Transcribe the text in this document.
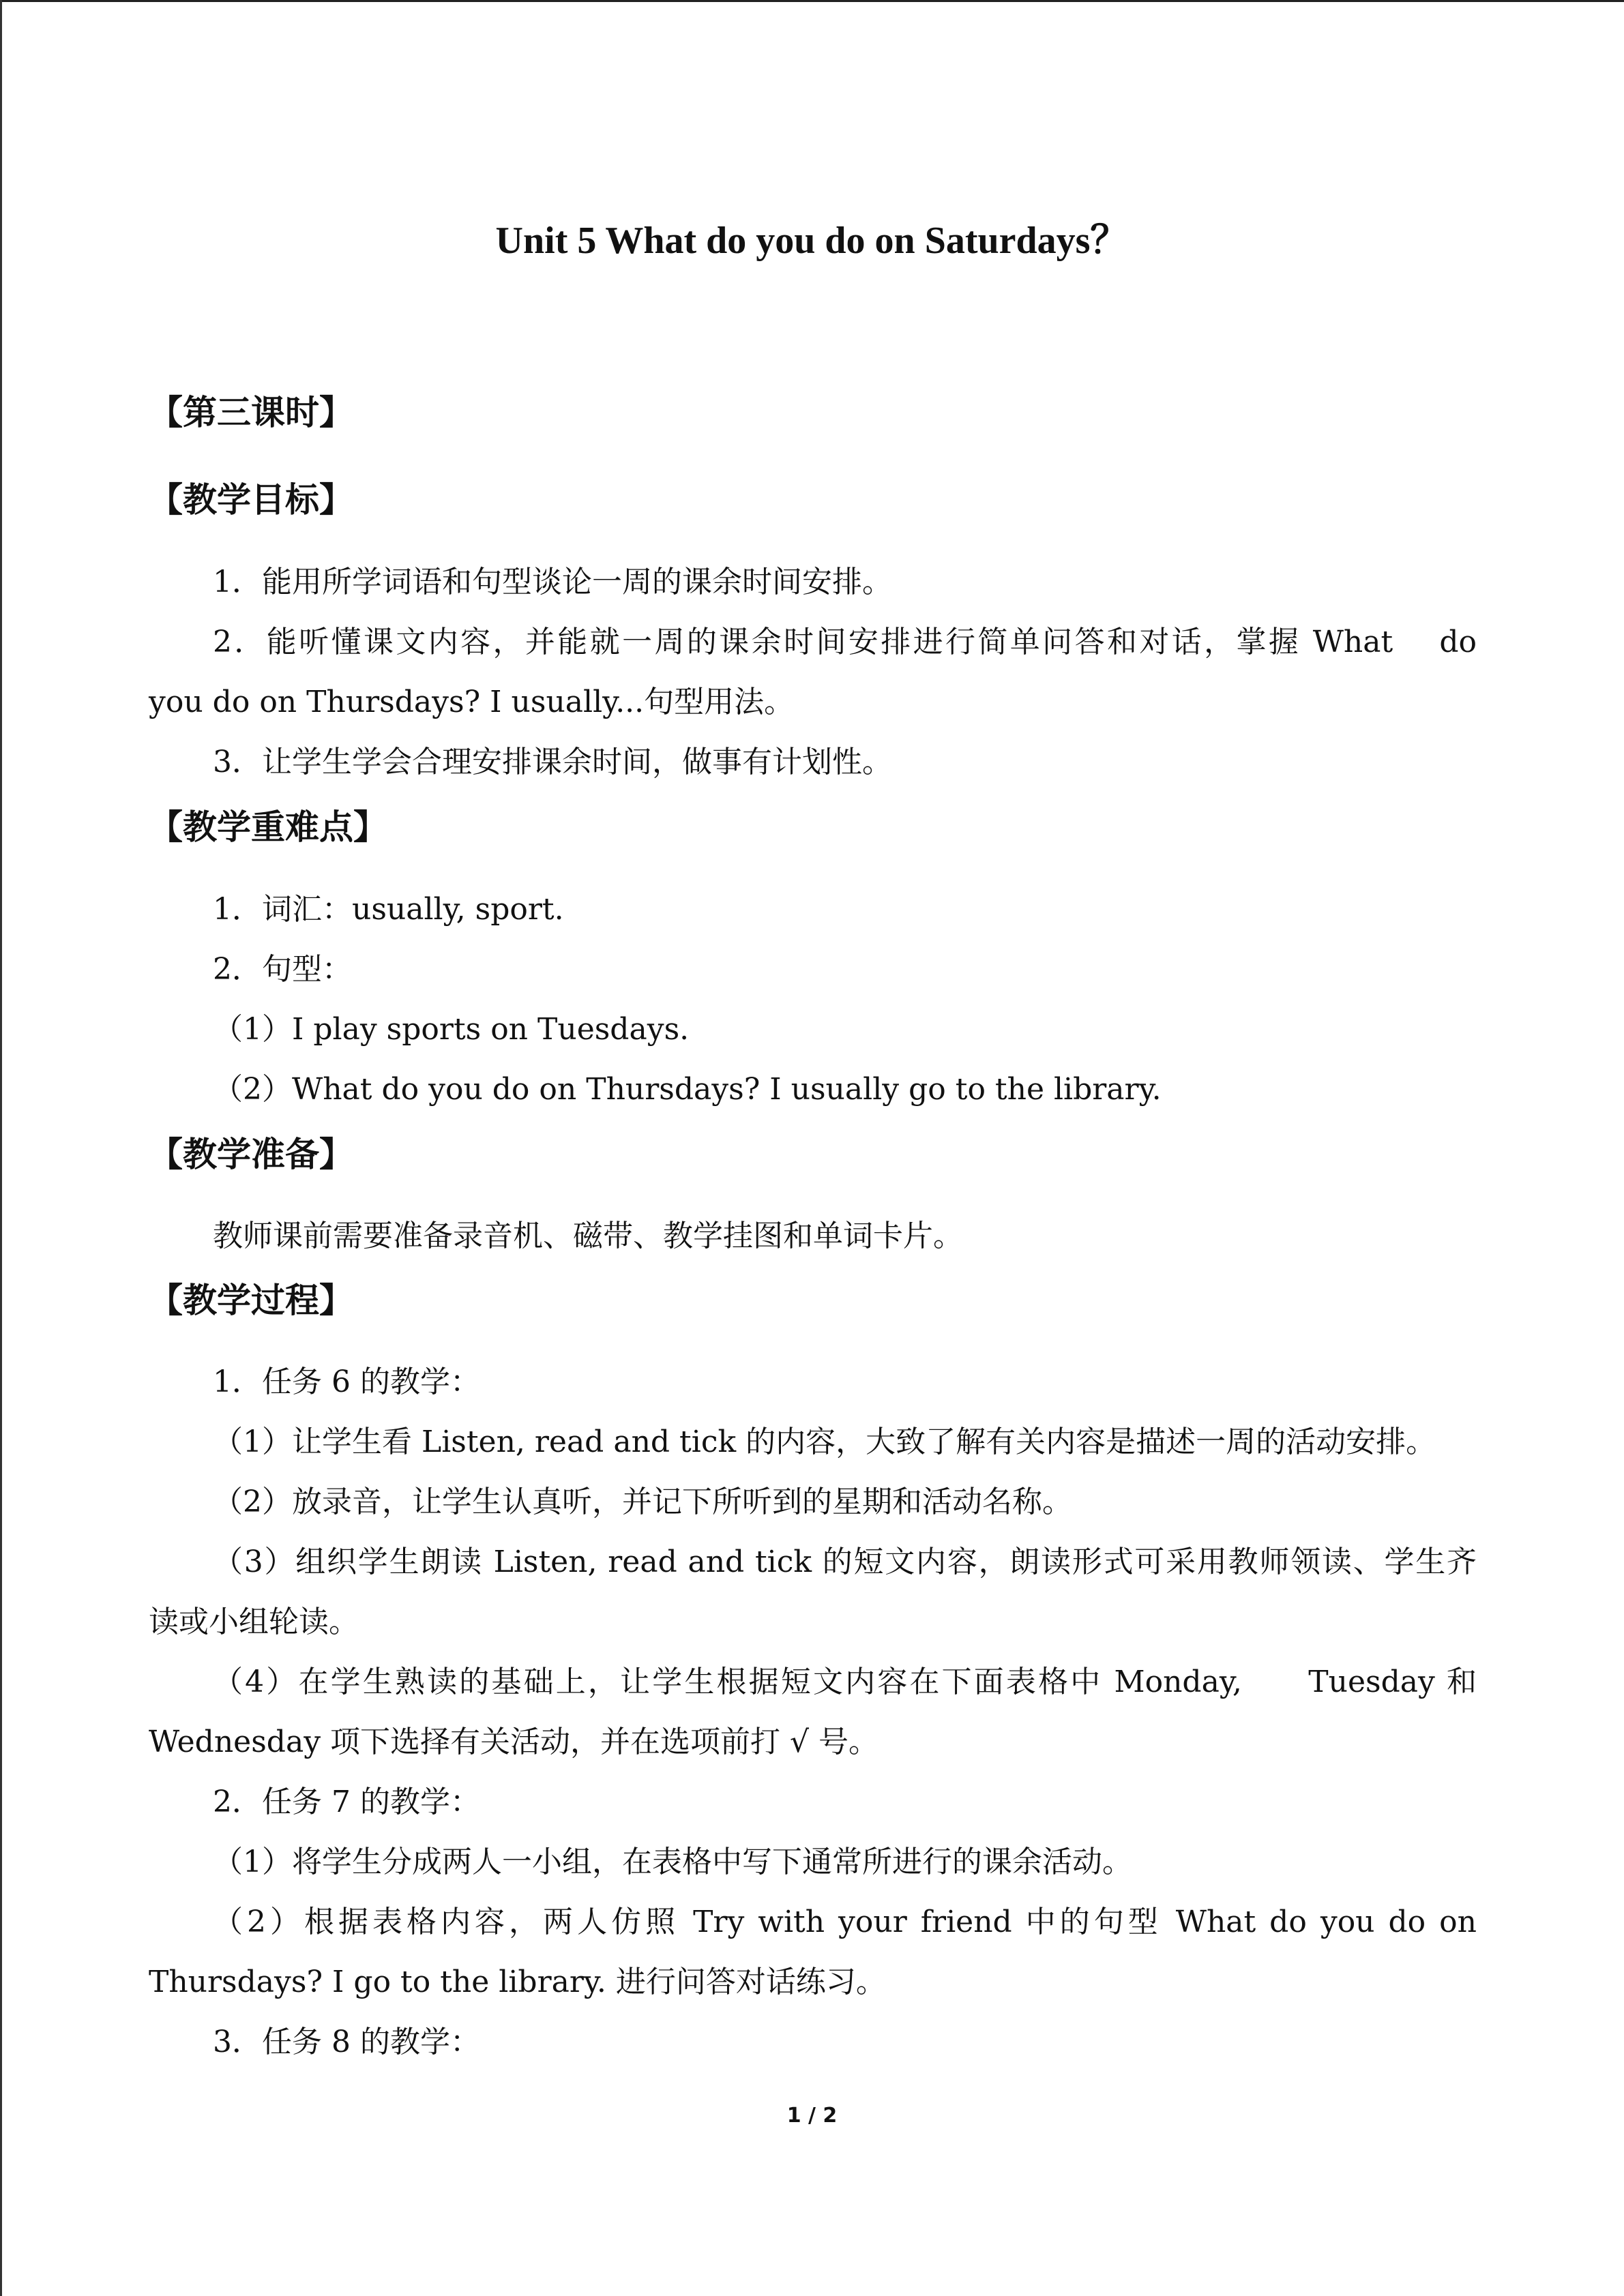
Unit 5 What do you do on Saturdays？
【第三课时】
【教学目标】

1．能用所学词语和句型谈论一周的课余时间安排。

2．能听懂课文内容，并能就一周的课余时间安排进行简单问答和对话，掌握 What　 do

you do on Thursdays? I usually...句型用法。

3．让学生学会合理安排课余时间，做事有计划性。

【教学重难点】

1．词汇：usually, sport.

2．句型：

（1）I play sports on Tuesdays.

（2）What do you do on Thursdays? I usually go to the library.

【教学准备】

教师课前需要准备录音机、磁带、教学挂图和单词卡片。

【教学过程】

1．任务 6 的教学：

（1）让学生看 Listen, read and tick 的内容，大致了解有关内容是描述一周的活动安排。

（2）放录音，让学生认真听，并记下所听到的星期和活动名称。

（3）组织学生朗读 Listen, read and tick 的短文内容，朗读形式可采用教师领读、学生齐

读或小组轮读。

（4）在学生熟读的基础上，让学生根据短文内容在下面表格中 Monday,　　Tuesday 和

Wednesday 项下选择有关活动，并在选项前打 √ 号。

2．任务 7 的教学：

（1）将学生分成两人一小组，在表格中写下通常所进行的课余活动。

（2）根据表格内容，两人仿照 Try with your friend 中的句型 What do you do on

Thursdays? I go to the library. 进行问答对话练习。

3．任务 8 的教学：

1 / 2
